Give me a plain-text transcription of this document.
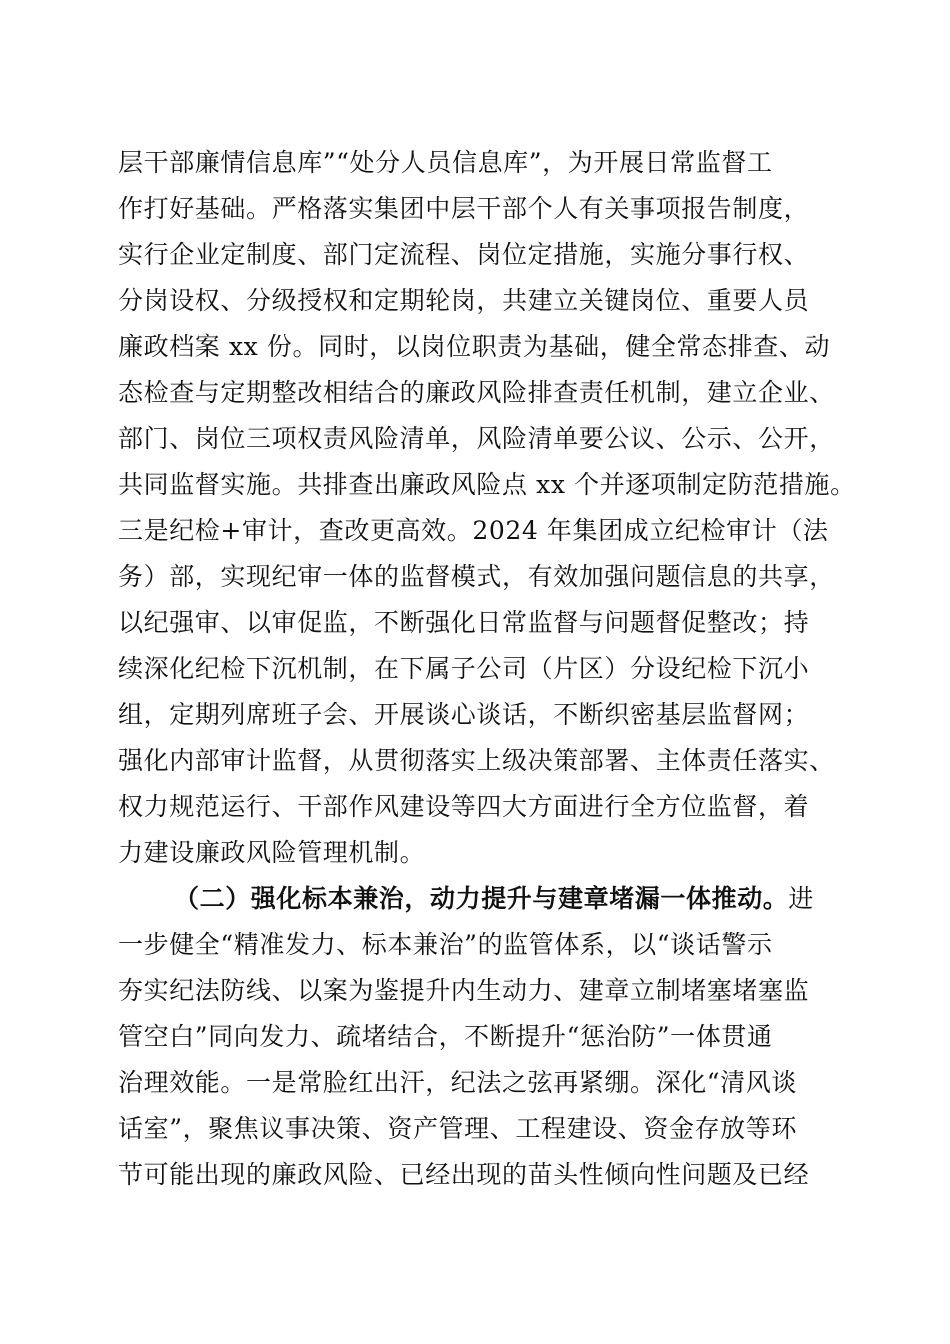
层干部廉情信息库”“处分人员信息库”，为开展日常监督工
作打好基础。严格落实集团中层干部个人有关事项报告制度，
实行企业定制度、部门定流程、岗位定措施，实施分事行权、
分岗设权、分级授权和定期轮岗，共建立关键岗位、重要人员
廉政档案 xx 份。同时，以岗位职责为基础，健全常态排查、动
态检查与定期整改相结合的廉政风险排查责任机制，建立企业、
部门、岗位三项权责风险清单，风险清单要公议、公示、公开，
共同监督实施。共排查出廉政风险点 xx 个并逐项制定防范措施。
三是纪检+审计，查改更高效。2024 年集团成立纪检审计（法
务）部，实现纪审一体的监督模式，有效加强问题信息的共享，
以纪强审、以审促监，不断强化日常监督与问题督促整改；持
续深化纪检下沉机制，在下属子公司（片区）分设纪检下沉小
组，定期列席班子会、开展谈心谈话，不断织密基层监督网；
强化内部审计监督，从贯彻落实上级决策部署、主体责任落实、
权力规范运行、干部作风建设等四大方面进行全方位监督，着
力建设廉政风险管理机制。
（二）强化标本兼治，动力提升与建章堵漏一体推动。进
一步健全“精准发力、标本兼治”的监管体系，以“谈话警示
夯实纪法防线、以案为鉴提升内生动力、建章立制堵塞堵塞监
管空白”同向发力、疏堵结合，不断提升“惩治防”一体贯通
治理效能。一是常脸红出汗，纪法之弦再紧绷。深化“清风谈
话室”，聚焦议事决策、资产管理、工程建设、资金存放等环
节可能出现的廉政风险、已经出现的苗头性倾向性问题及已经
